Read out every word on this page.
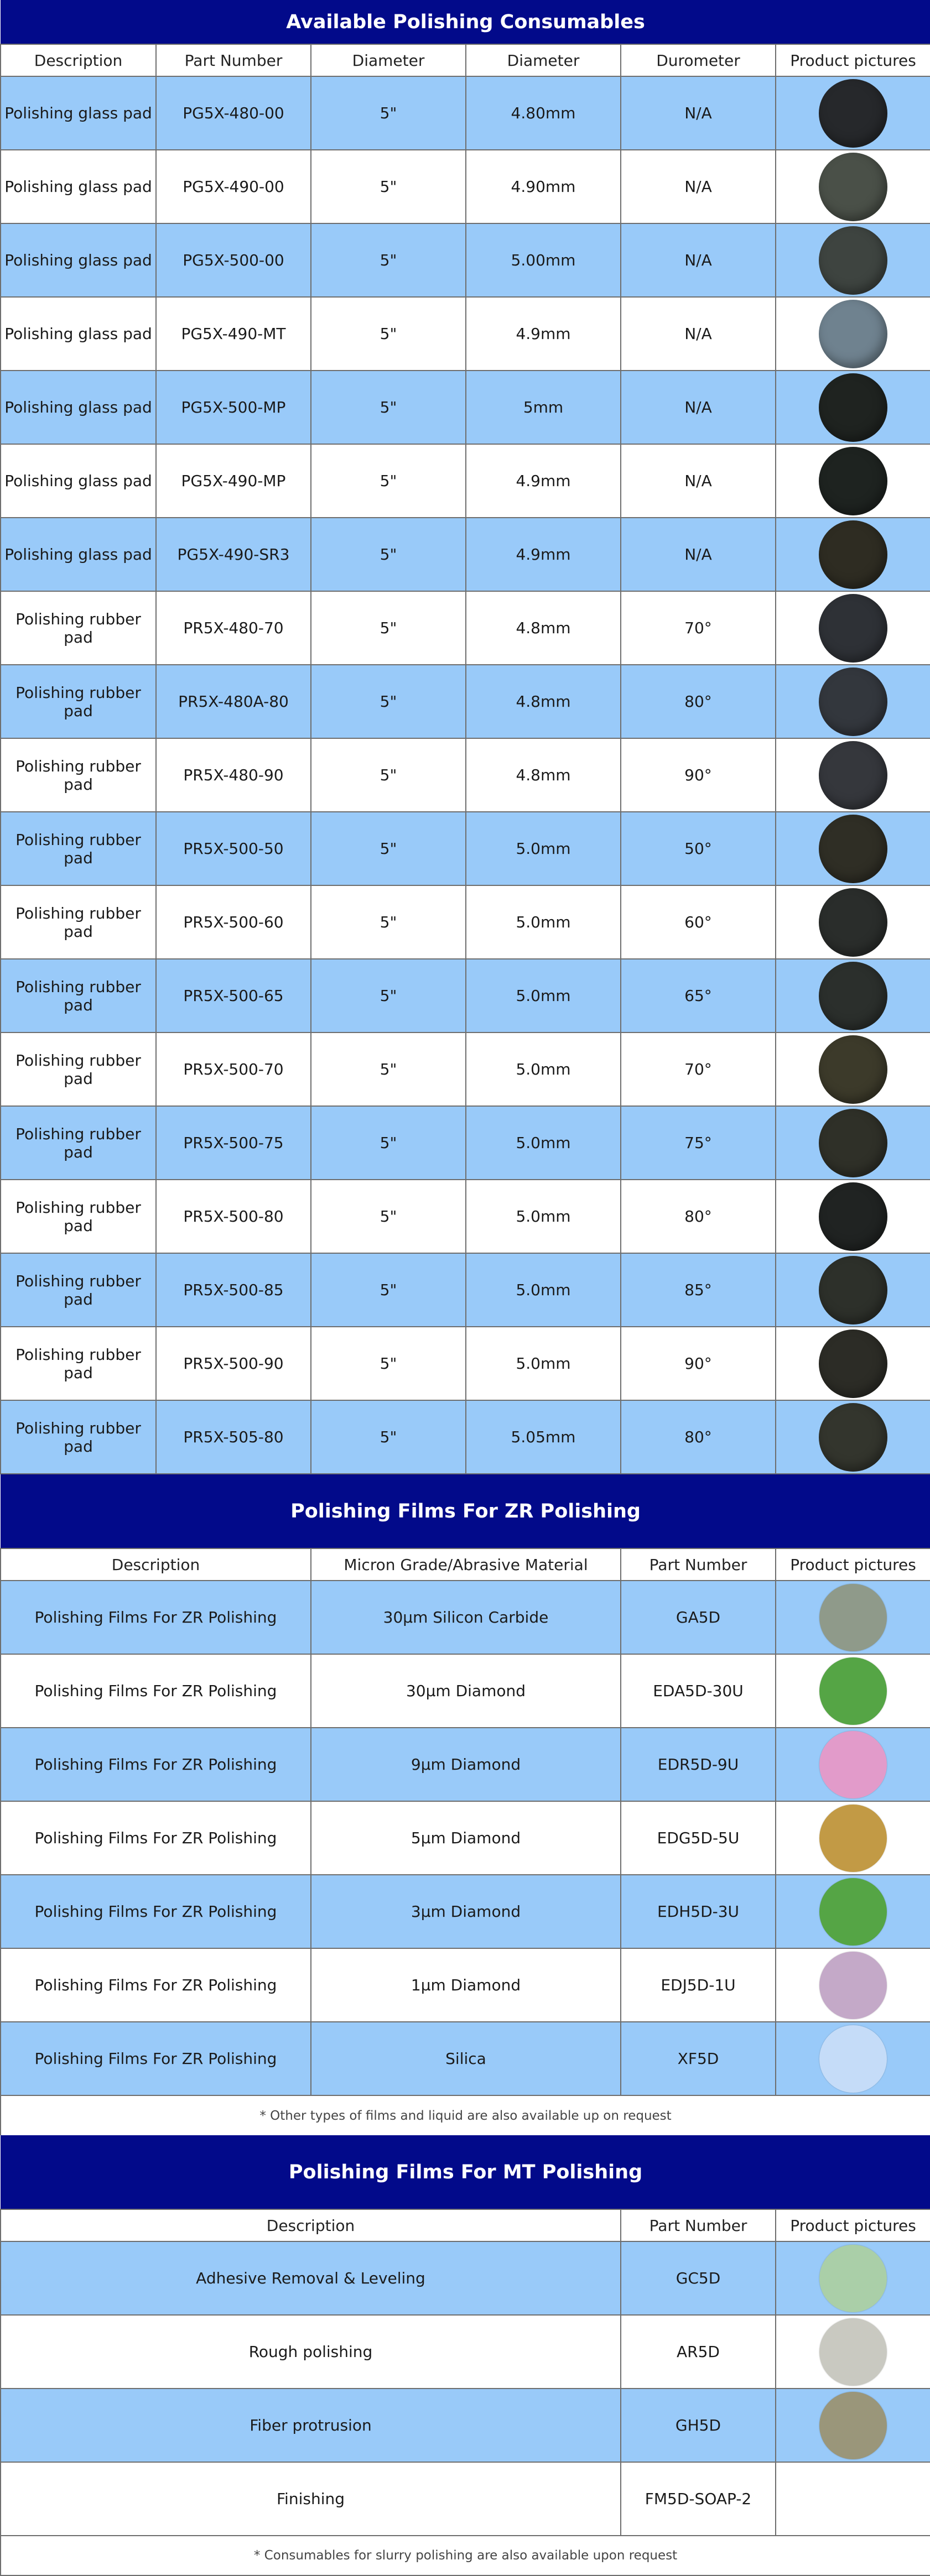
Available Polishing Consumables					
Description	Part Number	Diameter	Diameter	Durometer	Product pictures
Polishing glass pad	PG5X-480-00	5"	4.80mm	N/A	

Polishing glass pad	PG5X-490-00	5"	4.90mm	N/A	

Polishing glass pad	PG5X-500-00	5"	5.00mm	N/A	

Polishing glass pad	PG5X-490-MT	5"	4.9mm	N/A	

Polishing glass pad	PG5X-500-MP	5"	5mm	N/A	

Polishing glass pad	PG5X-490-MP	5"	4.9mm	N/A	

Polishing glass pad	PG5X-490-SR3	5"	4.9mm	N/A	

Polishing rubber pad	PR5X-480-70	5"	4.8mm	70°	

Polishing rubber pad	PR5X-480A-80	5"	4.8mm	80°	

Polishing rubber pad	PR5X-480-90	5"	4.8mm	90°	

Polishing rubber pad	PR5X-500-50	5"	5.0mm	50°	

Polishing rubber pad	PR5X-500-60	5"	5.0mm	60°	

Polishing rubber pad	PR5X-500-65	5"	5.0mm	65°	

Polishing rubber pad	PR5X-500-70	5"	5.0mm	70°	

Polishing rubber pad	PR5X-500-75	5"	5.0mm	75°	

Polishing rubber pad	PR5X-500-80	5"	5.0mm	80°	

Polishing rubber pad	PR5X-500-85	5"	5.0mm	85°	

Polishing rubber pad	PR5X-500-90	5"	5.0mm	90°	

Polishing rubber pad	PR5X-505-80	5"	5.05mm	80°	
Polishing Films For ZR Polishing			
Description	Micron Grade/Abrasive Material	Part Number	Product pictures
Polishing Films For ZR Polishing	30μm Silicon Carbide	GA5D	

Polishing Films For ZR Polishing	30μm Diamond	EDA5D-30U	

Polishing Films For ZR Polishing	9μm Diamond	EDR5D-9U	

Polishing Films For ZR Polishing	5μm Diamond	EDG5D-5U	

Polishing Films For ZR Polishing	3μm Diamond	EDH5D-3U	

Polishing Films For ZR Polishing	1μm Diamond	EDJ5D-1U	

Polishing Films For ZR Polishing	Silica	XF5D	

* Other types of films and liquid are also available up on request			
Polishing Films For MT Polishing		
Description	Part Number	Product pictures
Adhesive Removal & Leveling	GC5D	

Rough polishing	AR5D	

Fiber protrusion	GH5D	

Finishing	FM5D-SOAP-2	
* Consumables for slurry polishing are also available upon request		
